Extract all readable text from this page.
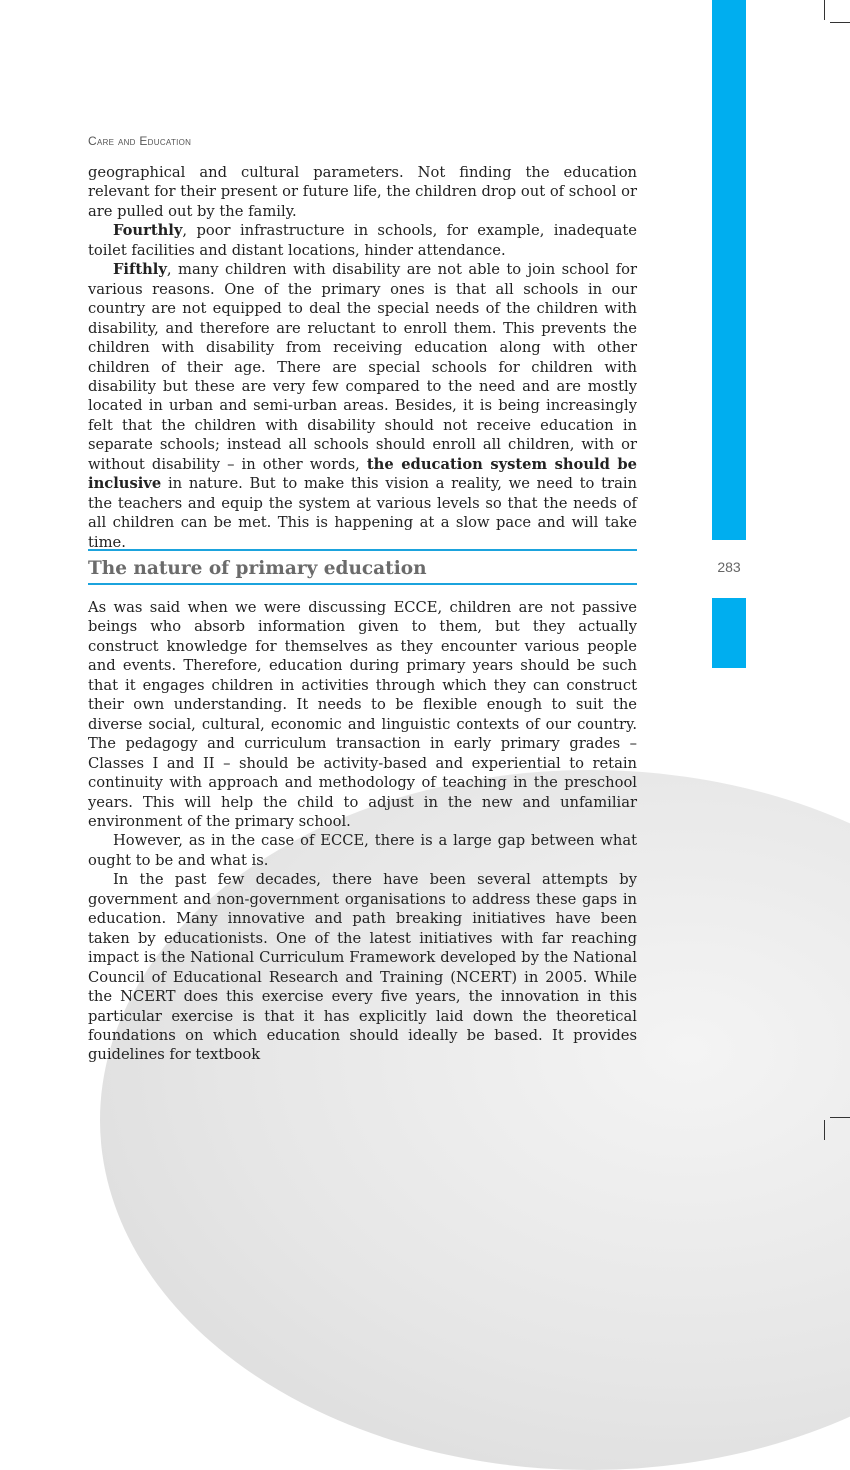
283
Care and Education

geographical and cultural parameters. Not finding the education relevant for their present or future life, the children drop out of school or are pulled out by the family.

Fourthly, poor infrastructure in schools, for example, inadequate toilet facilities and distant locations, hinder attendance.

Fifthly, many children with disability are not able to join school for various reasons. One of the primary ones is that all schools in our country are not equipped to deal the special needs of the children with disability, and therefore are reluctant to enroll them. This prevents the children with disability from receiving education along with other children of their age. There are special schools for children with disability but these are very few compared to the need and are mostly located in urban and semi-urban areas. Besides, it is being increasingly felt that the children with disability should not receive education in separate schools; instead all schools should enroll all children, with or without disability – in other words, the education system should be inclusive in nature. But to make this vision a reality, we need to train the teachers and equip the system at various levels so that the needs of all children can be met. This is happening at a slow pace and will take time.

The nature of primary education

As was said when we were discussing ECCE, children are not passive beings who absorb information given to them, but they actually construct knowledge for themselves as they encounter various people and events. Therefore, education during primary years should be such that it engages children in activities through which they can construct their own understanding. It needs to be flexible enough to suit the diverse social, cultural, economic and linguistic contexts of our country. The pedagogy and curriculum transaction in early primary grades – Classes I and II – should be activity-based and experiential to retain continuity with approach and methodology of teaching in the preschool years. This will help the child to adjust in the new and unfamiliar environment of the primary school.

However, as in the case of ECCE, there is a large gap between what ought to be and what is.

In the past few decades, there have been several attempts by government and non-government organisations to address these gaps in education. Many innovative and path breaking initiatives have been taken by educationists. One of the latest initiatives with far reaching impact is the National Curriculum Framework developed by the National Council of Educational Research and Training (NCERT) in 2005. While the NCERT does this exercise every five years, the innovation in this particular exercise is that it has explicitly laid down the theoretical foundations on which education should ideally be based. It provides guidelines for textbook
